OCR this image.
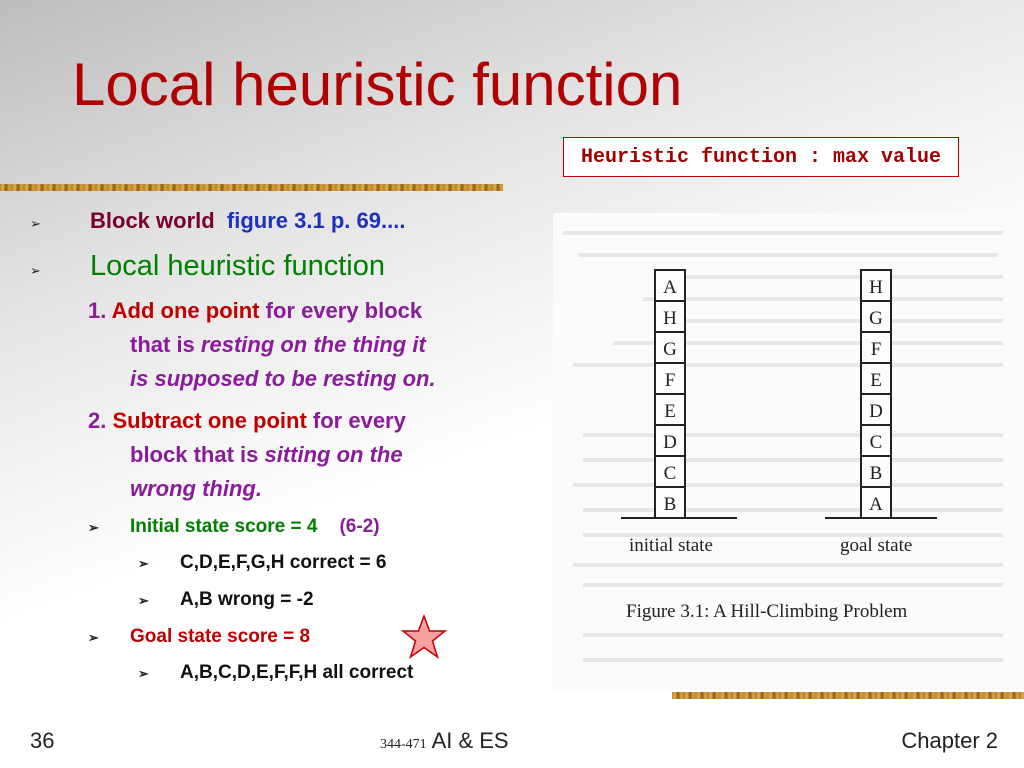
Local heuristic function
Heuristic function : max value
➢ Block world figure 3.1 p. 69....
➢ Local heuristic function
1. Add one point for every block
that is resting on the thing it
is supposed to be resting on.
2. Subtract one point for every
block that is sitting on the
wrong thing.
➢ Initial state score = 4 (6-2)
➢ C,D,E,F,G,H correct = 6
➢ A,B wrong = -2
➢ Goal state score = 8
➢ A,B,C,D,E,F,F,H all correct
A
H
G
F
E
D
C
B
H
G
F
E
D
C
B
A
initial state	goal state
Figure 3.1: A Hill-Climbing Problem
36	344-471 AI & ES	Chapter 2
